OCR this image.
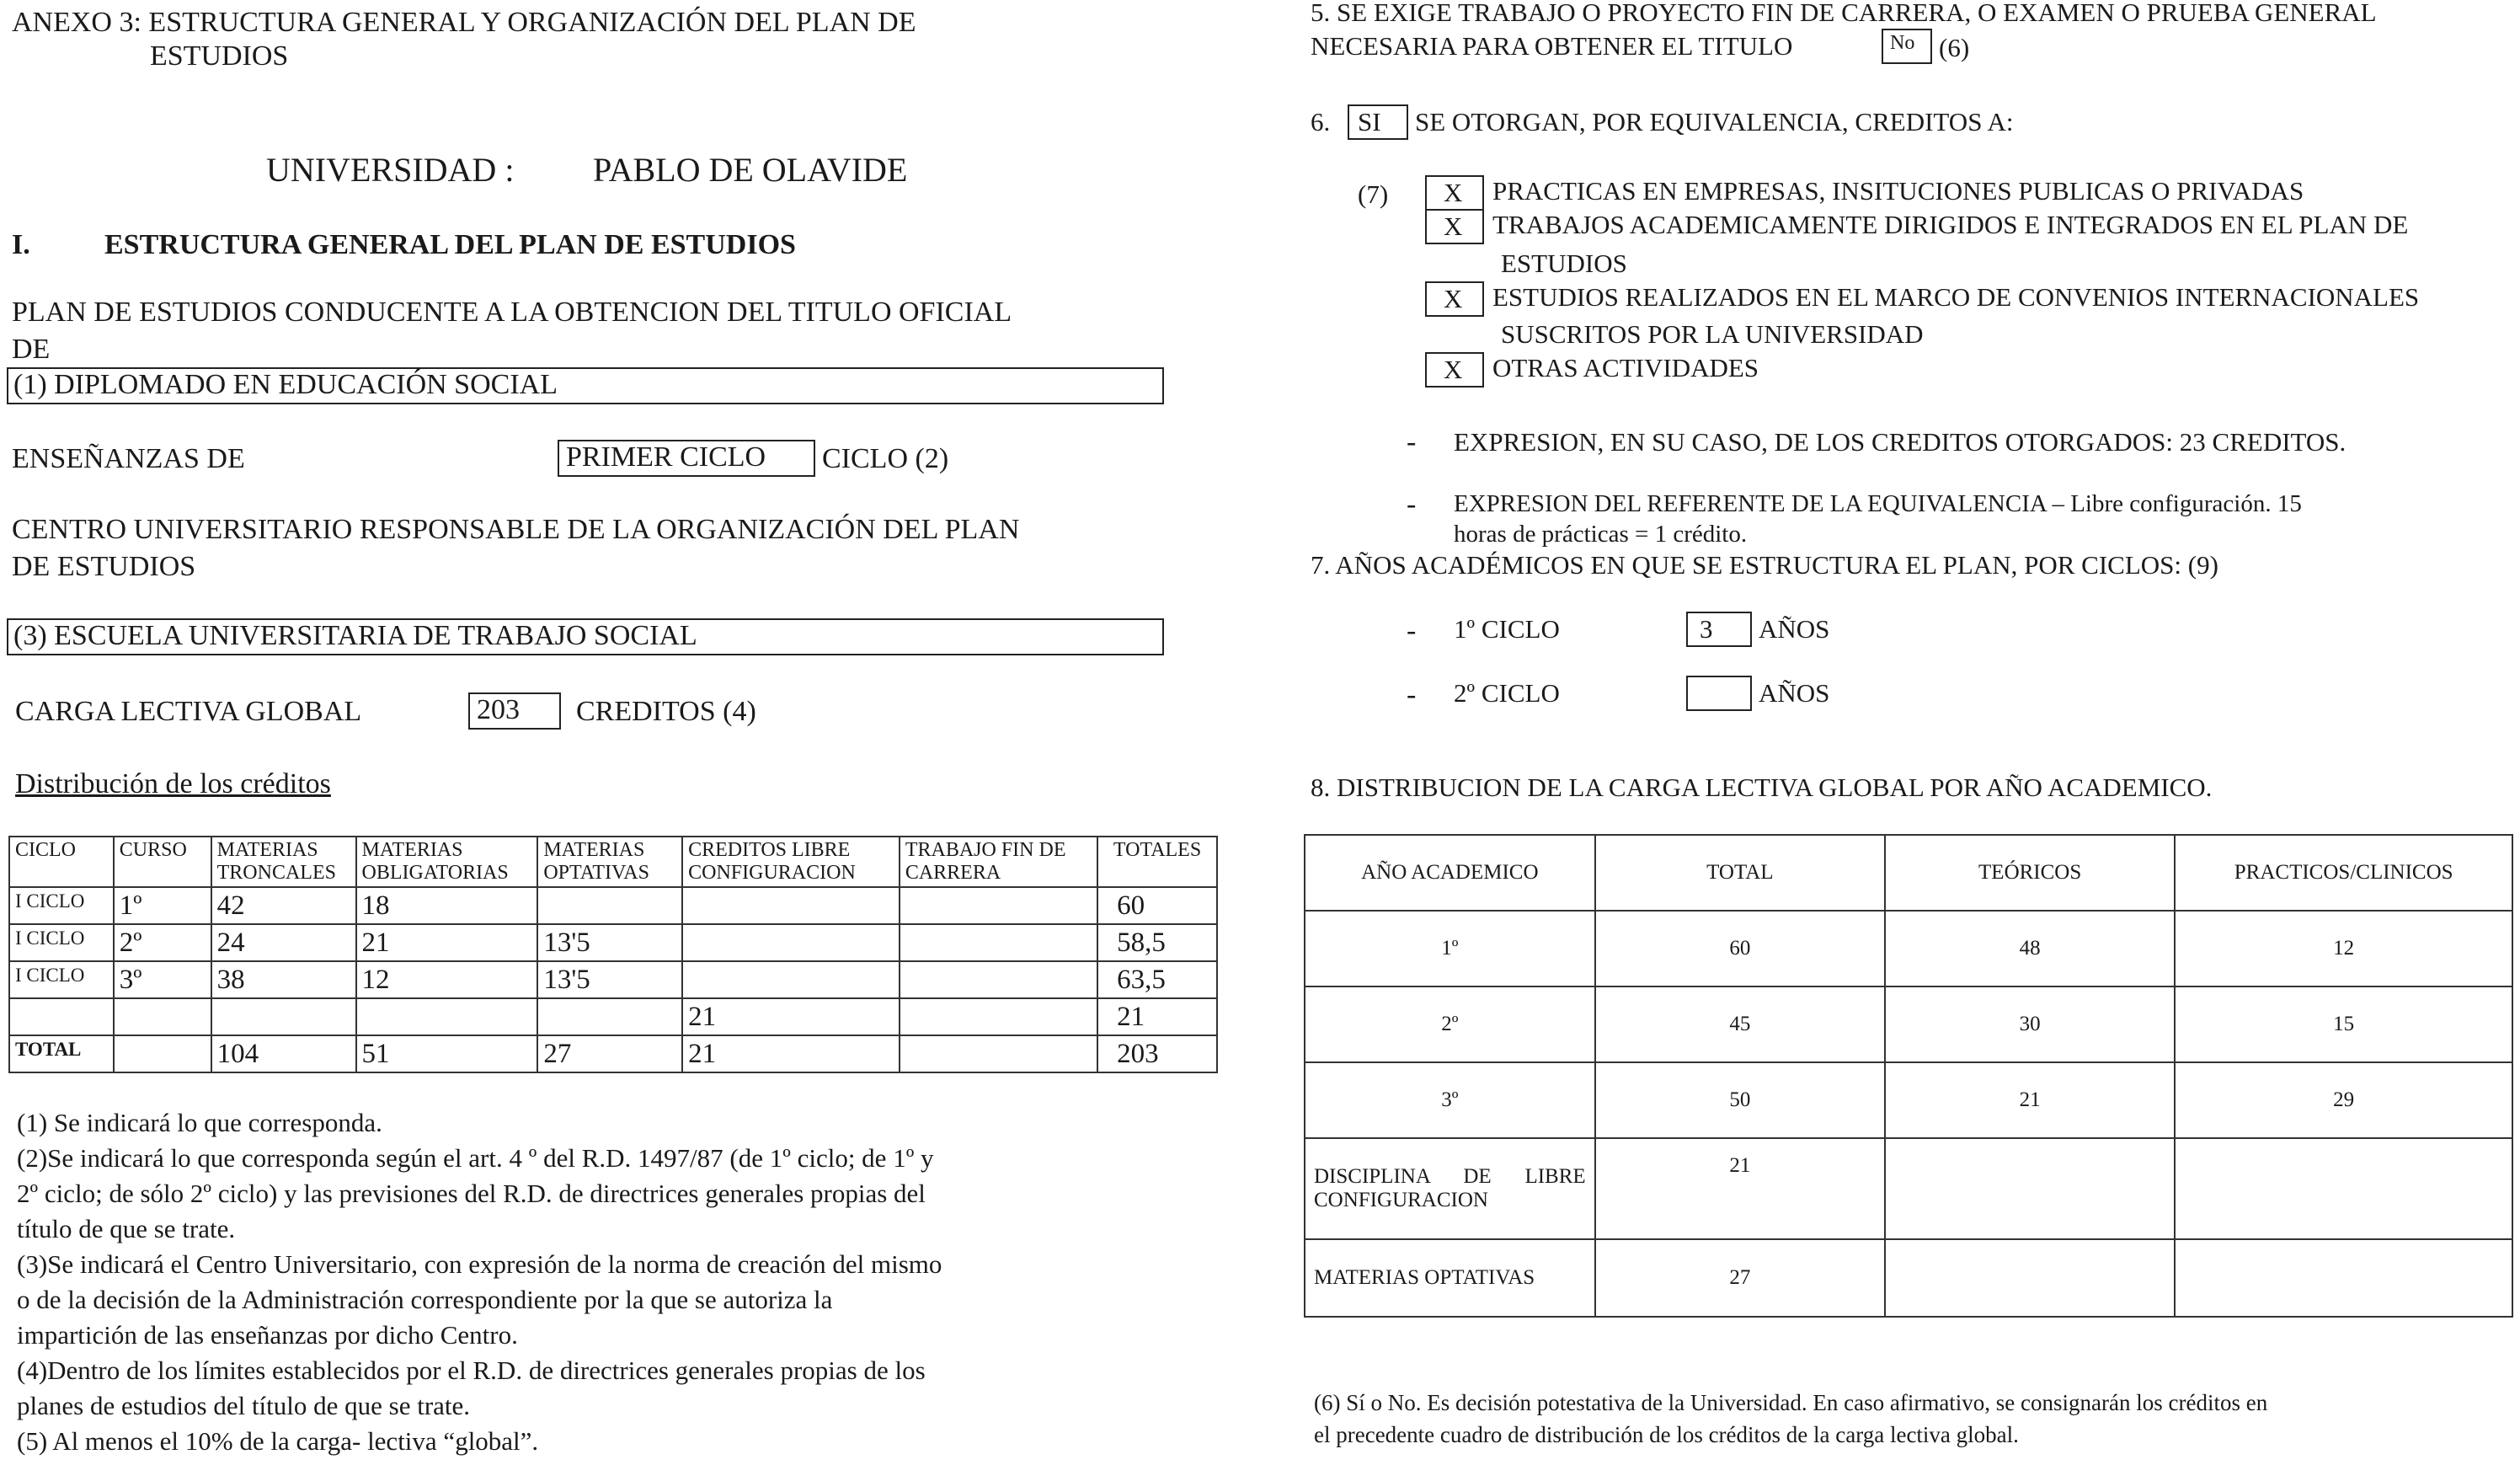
ANEXO 3: ESTRUCTURA GENERAL Y ORGANIZACIÓN DEL PLAN DE
ESTUDIOS
UNIVERSIDAD : PABLO DE OLAVIDE
I.	ESTRUCTURA GENERAL DEL PLAN DE ESTUDIOS
PLAN DE ESTUDIOS CONDUCENTE A LA OBTENCION DEL TITULO OFICIAL
DE
(1) DIPLOMADO EN EDUCACIÓN SOCIAL
ENSEÑANZAS DE	PRIMER CICLO CICLO (2)
CENTRO UNIVERSITARIO RESPONSABLE DE LA ORGANIZACIÓN DEL PLAN
DE ESTUDIOS
(3) ESCUELA UNIVERSITARIA DE TRABAJO SOCIAL
CARGA LECTIVA GLOBAL	203 CREDITOS (4)
Distribución de los créditos
CICLO	CURSO	MATERIAS TRONCALES	MATERIAS OBLIGATORIAS	MATERIAS OPTATIVAS	CREDITOS LIBRE CONFIGURACION	TRABAJO FIN DE CARRERA	TOTALES
I CICLO	1º	42	18				60
I CICLO	2º	24	21	13'5			58,5
I CICLO	3º	38	12	13'5			63,5
					21		21
TOTAL		104	51	27	21		203
(1) Se indicará lo que corresponda.
(2)Se indicará lo que corresponda según el art. 4 º del R.D. 1497/87 (de 1º ciclo; de 1º y
2º ciclo; de sólo 2º ciclo) y las previsiones del R.D. de directrices generales propias del
título de que se trate.
(3)Se indicará el Centro Universitario, con expresión de la norma de creación del mismo
o de la decisión de la Administración correspondiente por la que se autoriza la
impartición de las enseñanzas por dicho Centro.
(4)Dentro de los límites establecidos por el R.D. de directrices generales propias de los
planes de estudios del título de que se trate.
(5) Al menos el 10% de la carga- lectiva “global”.
5. SE EXIGE TRABAJO O PROYECTO FIN DE CARRERA, O EXAMEN O PRUEBA GENERAL
NECESARIA PARA OBTENER EL TITULO	No (6)
6. SI SE OTORGAN, POR EQUIVALENCIA, CREDITOS A:
(7) X PRACTICAS EN EMPRESAS, INSITUCIONES PUBLICAS O PRIVADAS
X TRABAJOS ACADEMICAMENTE DIRIGIDOS E INTEGRADOS EN EL PLAN DE
ESTUDIOS
X ESTUDIOS REALIZADOS EN EL MARCO DE CONVENIOS INTERNACIONALES
SUSCRITOS POR LA UNIVERSIDAD
X OTRAS ACTIVIDADES
- EXPRESION, EN SU CASO, DE LOS CREDITOS OTORGADOS: 23 CREDITOS.
- EXPRESION DEL REFERENTE DE LA EQUIVALENCIA – Libre configuración. 15
horas de prácticas = 1 crédito.
7. AÑOS ACADÉMICOS EN QUE SE ESTRUCTURA EL PLAN, POR CICLOS: (9)
- 1º CICLO	3 AÑOS
- 2º CICLO	AÑOS
8. DISTRIBUCION DE LA CARGA LECTIVA GLOBAL POR AÑO ACADEMICO.
AÑO ACADEMICO	TOTAL	TEÓRICOS	PRACTICOS/CLINICOS
1º	60	48	12
2º	45	30	15
3º	50	21	29
DISCIPLINA DE LIBRE CONFIGURACION	21		
MATERIAS OPTATIVAS	27		
(6) Sí o No. Es decisión potestativa de la Universidad. En caso afirmativo, se consignarán los créditos en
el precedente cuadro de distribución de los créditos de la carga lectiva global.
